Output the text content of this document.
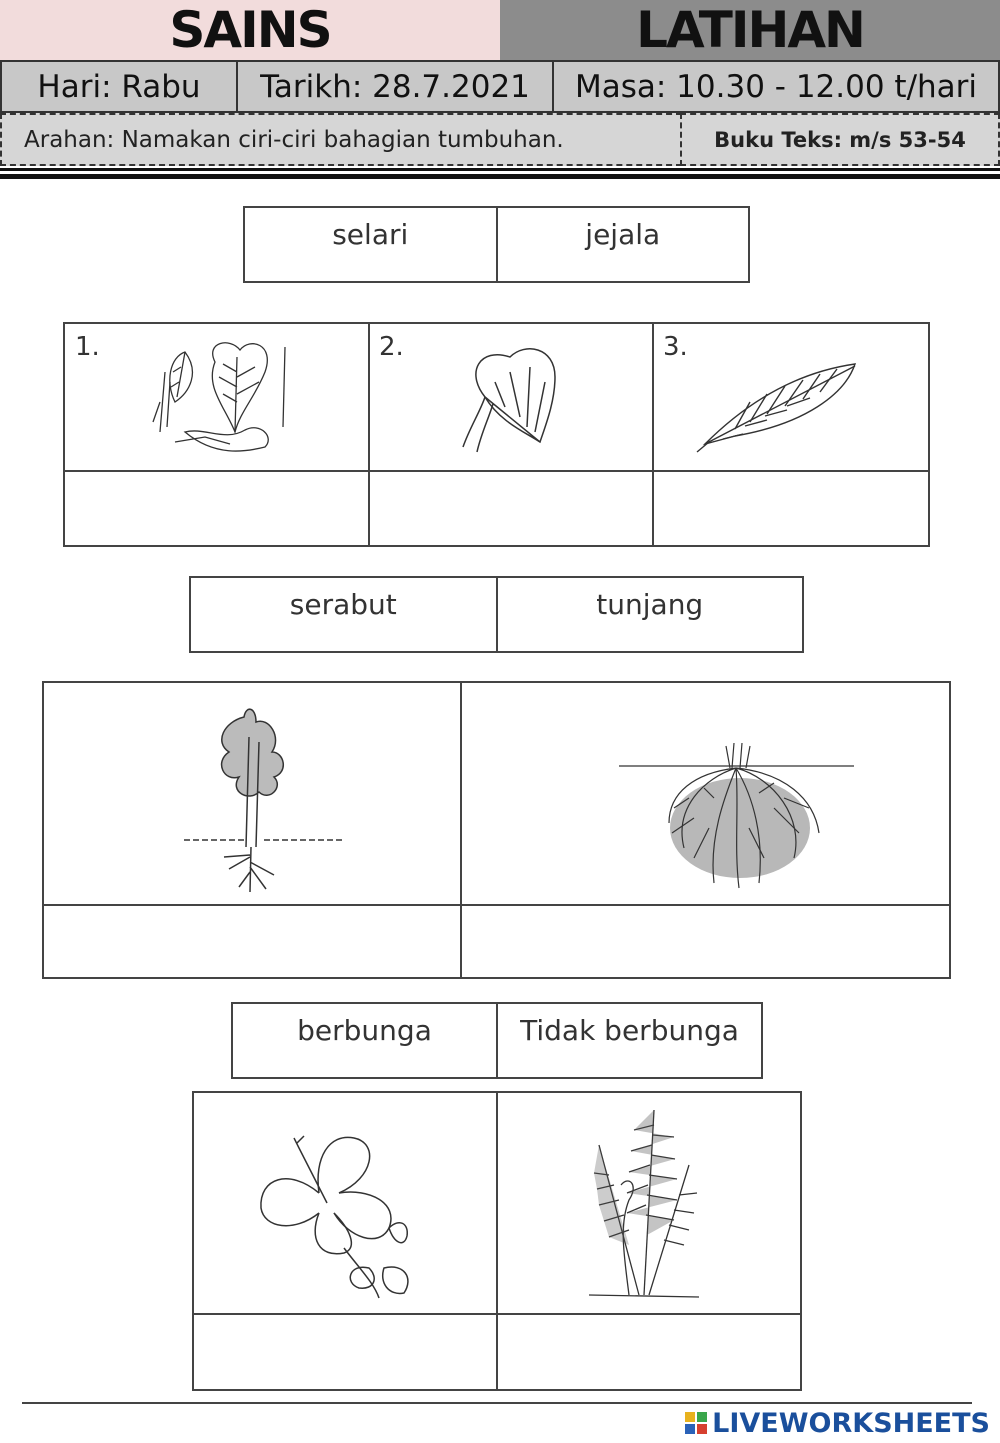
SAINS	LATIHAN
Hari: Rabu Tarikh: 28.7.2021 Masa: 10.30 - 12.00 t/hari
Arahan: Namakan ciri-ciri bahagian tumbuhan.	Buku Teks: m/s 53-54
selari	jejala
1.	2.	3.
serabut	tunjang
berbunga	Tidak berbunga
LIVEWORKSHEETS
